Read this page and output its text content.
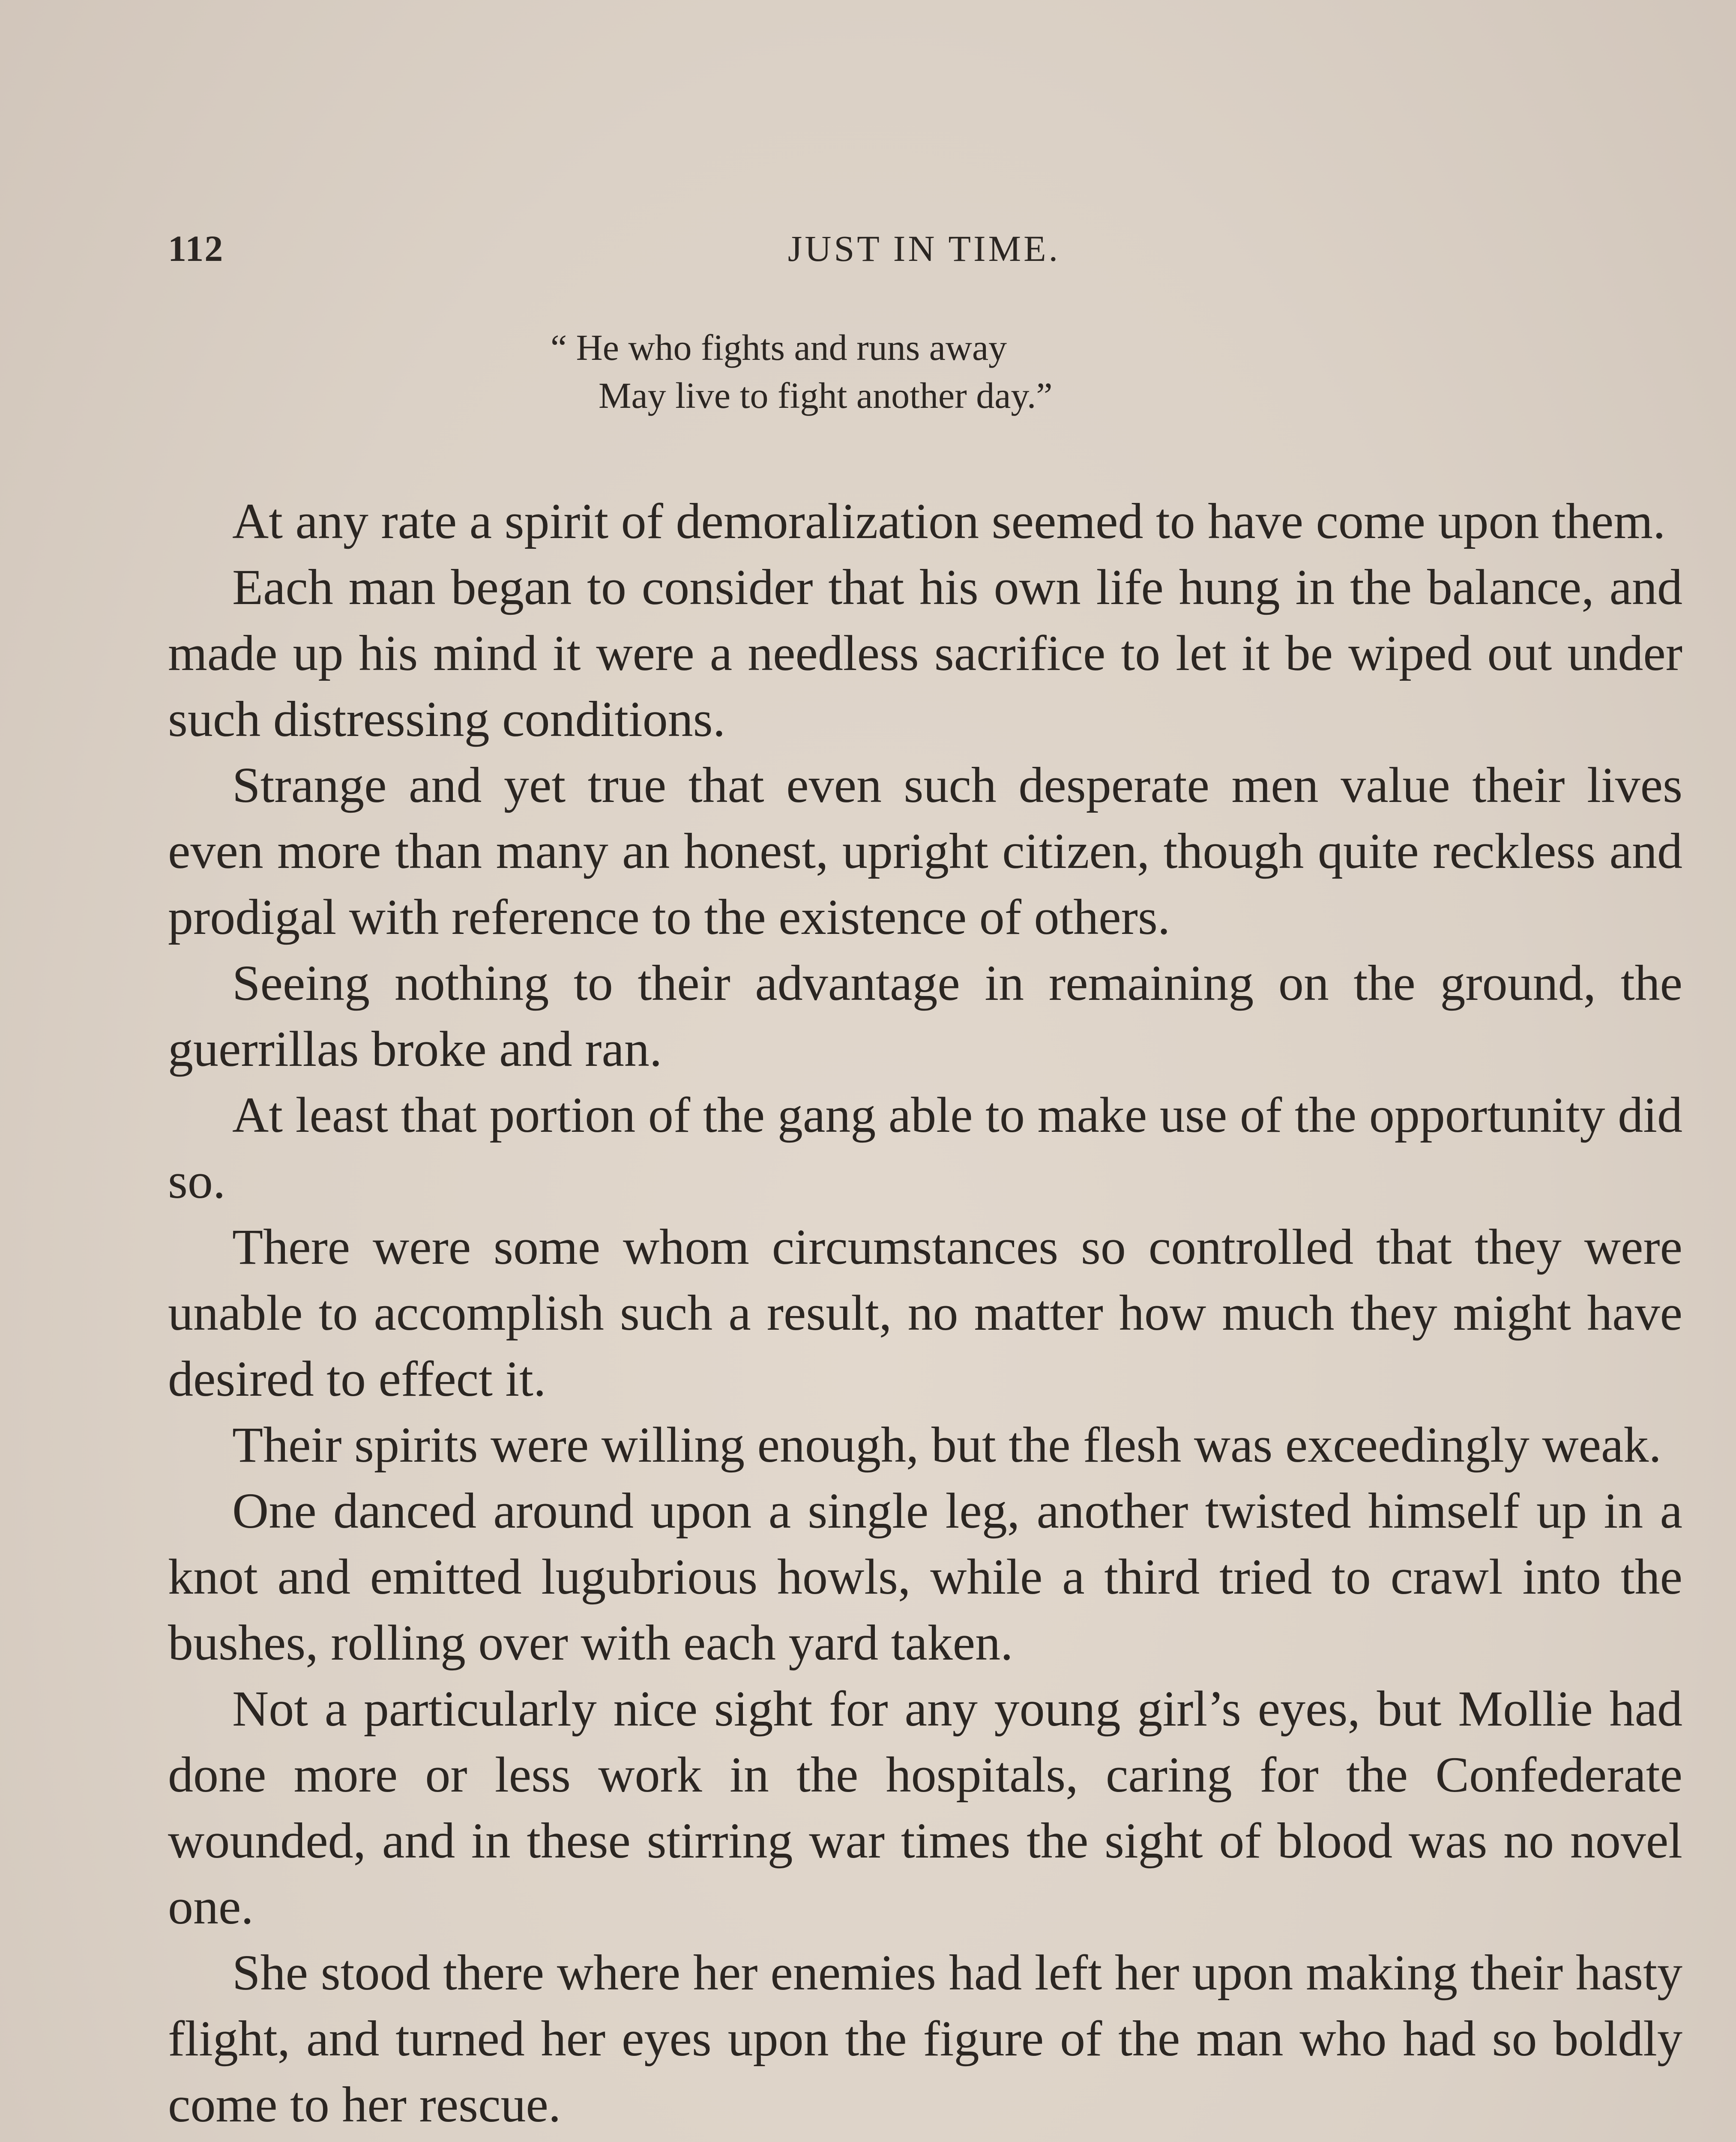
112	JUST IN TIME.
“ He who fights and runs away
May live to fight another day.”

At any rate a spirit of demoralization seemed to have come upon them.

Each man began to consider that his own life hung in the balance, and made up his mind it were a needless sacrifice to let it be wiped out under such distressing conditions.

Strange and yet true that even such desperate men value their lives even more than many an honest, upright citizen, though quite reckless and prodigal with reference to the existence of others.

Seeing nothing to their advantage in remaining on the ground, the guerrillas broke and ran.

At least that portion of the gang able to make use of the opportunity did so.

There were some whom circumstances so controlled that they were unable to accomplish such a result, no matter how much they might have desired to effect it.

Their spirits were willing enough, but the flesh was exceedingly weak.

One danced around upon a single leg, another twisted himself up in a knot and emitted lugubrious howls, while a third tried to crawl into the bushes, rolling over with each yard taken.

Not a particularly nice sight for any young girl’s eyes, but Mollie had done more or less work in the hospitals, caring for the Confederate wounded, and in these stirring war times the sight of blood was no novel one.

She stood there where her enemies had left her upon making their hasty flight, and turned her eyes upon the figure of the man who had so boldly come to her rescue.
